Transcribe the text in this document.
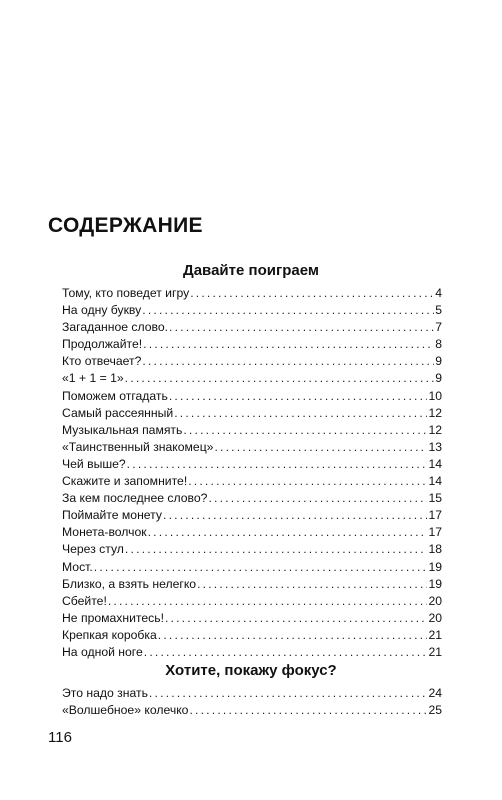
СОДЕРЖАНИЕ
Давайте поиграем
Тому, кто поведет игру . . .	4
На одну букву . . .	5
Загаданное слово. . . .	7
Продолжайте! . . .	8
Кто отвечает? . . .	9
«1 + 1 = 1» . . .	9
Поможем отгадать . . .	10
Самый рассеянный . . .	12
Музыкальная память . . .	12
«Таинственный знакомец» . . .	13
Чей выше? . . .	14
Скажите и запомните! . . .	14
За кем последнее слово? . . .	15
Поймайте монету . . .	17
Монета-волчок . . .	17
Через стул . . .	18
Мост. . . .	19
Близко, а взять нелегко . . .	19
Сбейте! . . .	20
Не промахнитесь! . . .	20
Крепкая коробка . . .	21
На одной ноге . . .	21
Хотите, покажу фокус?
Это надо знать . . .	24
«Волшебное» колечко . . .	25

116
